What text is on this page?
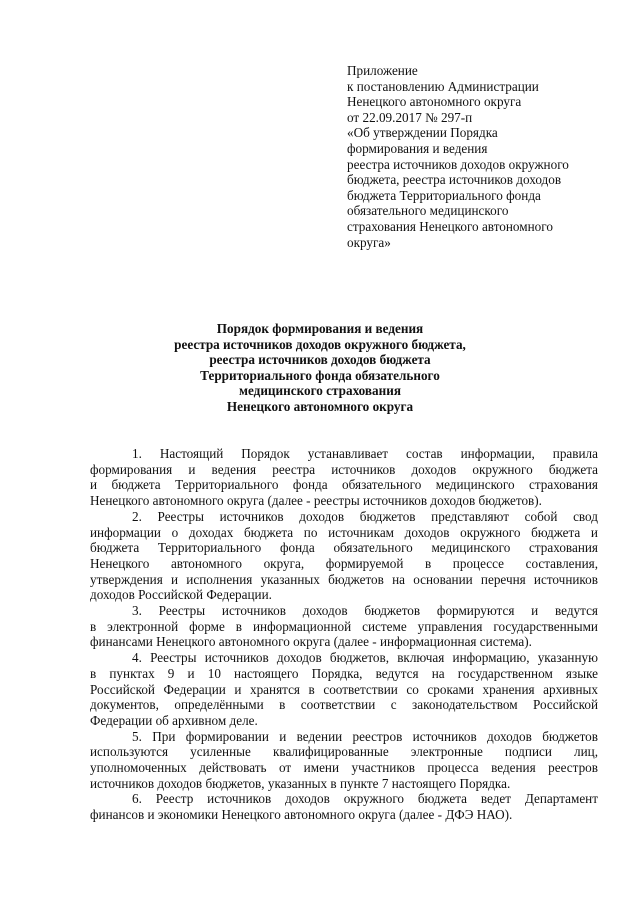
Приложение
к постановлению Администрации
Ненецкого автономного округа
от 22.09.2017 № 297-п
«Об утверждении Порядка
формирования и ведения
реестра источников доходов окружного
бюджета, реестра источников доходов
бюджета Территориального фонда
обязательного медицинского
страхования Ненецкого автономного
округа»
Порядок формирования и ведения
реестра источников доходов окружного бюджета,
реестра источников доходов бюджета
Территориального фонда обязательного
медицинского страхования
Ненецкого автономного округа
1. Настоящий Порядок устанавливает состав информации, правила
формирования и ведения реестра источников доходов окружного бюджета
и бюджета Территориального фонда обязательного медицинского страхования
Ненецкого автономного округа (далее - реестры источников доходов бюджетов).
2. Реестры источников доходов бюджетов представляют собой свод
информации о доходах бюджета по источникам доходов окружного бюджета и
бюджета Территориального фонда обязательного медицинского страхования
Ненецкого автономного округа, формируемой в процессе составления,
утверждения и исполнения указанных бюджетов на основании перечня источников
доходов Российской Федерации.
3. Реестры источников доходов бюджетов формируются и ведутся
в электронной форме в информационной системе управления государственными
финансами Ненецкого автономного округа (далее - информационная система).
4. Реестры источников доходов бюджетов, включая информацию, указанную
в пунктах 9 и 10 настоящего Порядка, ведутся на государственном языке
Российской Федерации и хранятся в соответствии со сроками хранения архивных
документов, определёнными в соответствии с законодательством Российской
Федерации об архивном деле.
5. При формировании и ведении реестров источников доходов бюджетов
используются усиленные квалифицированные электронные подписи лиц,
уполномоченных действовать от имени участников процесса ведения реестров
источников доходов бюджетов, указанных в пункте 7 настоящего Порядка.
6. Реестр источников доходов окружного бюджета ведет Департамент
финансов и экономики Ненецкого автономного округа (далее - ДФЭ НАО).
